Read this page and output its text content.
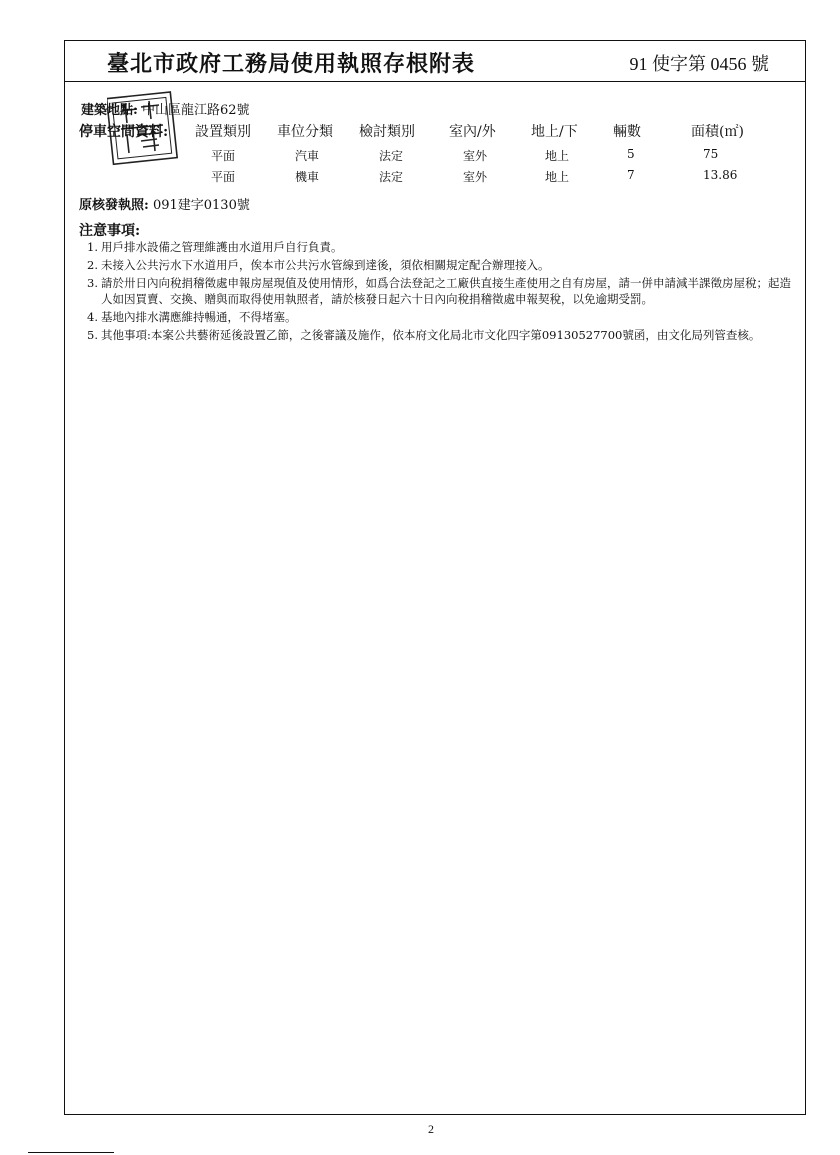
臺北市政府工務局使用執照存根附表	91 使字第 0456 號
建築地點: 中山區龍江路62號
停車空間資料: 設置類別 車位分類 檢討類別 室內/外	地上/下	輛數	面積(㎡)
平面	汽車	法定	室外	地上	5	75
平面	機車	法定	室外	地上	7	13.86
原核發執照: 091建字0130號
注意事項:
1. 用戶排水設備之管理維護由水道用戶自行負責。
2. 未接入公共污水下水道用戶，俟本市公共污水管線到達後，須依相關規定配合辦理接入。
3. 請於卅日內向稅捐稽徵處申報房屋現值及使用情形，如爲合法登記之工廠供直接生產使用之自有房屋，請一併申請減半課徵房屋稅；起造人如因買賣、交換、贈與而取得使用執照者，請於核發日起六十日內向稅捐稽徵處申報契稅，以免逾期受罰。
4. 基地內排水溝應維持暢通，不得堵塞。
5. 其他事項:本案公共藝術延後設置乙節，之後審議及施作，依本府文化局北市文化四字第09130527700號函，由文化局列管查核。
2
